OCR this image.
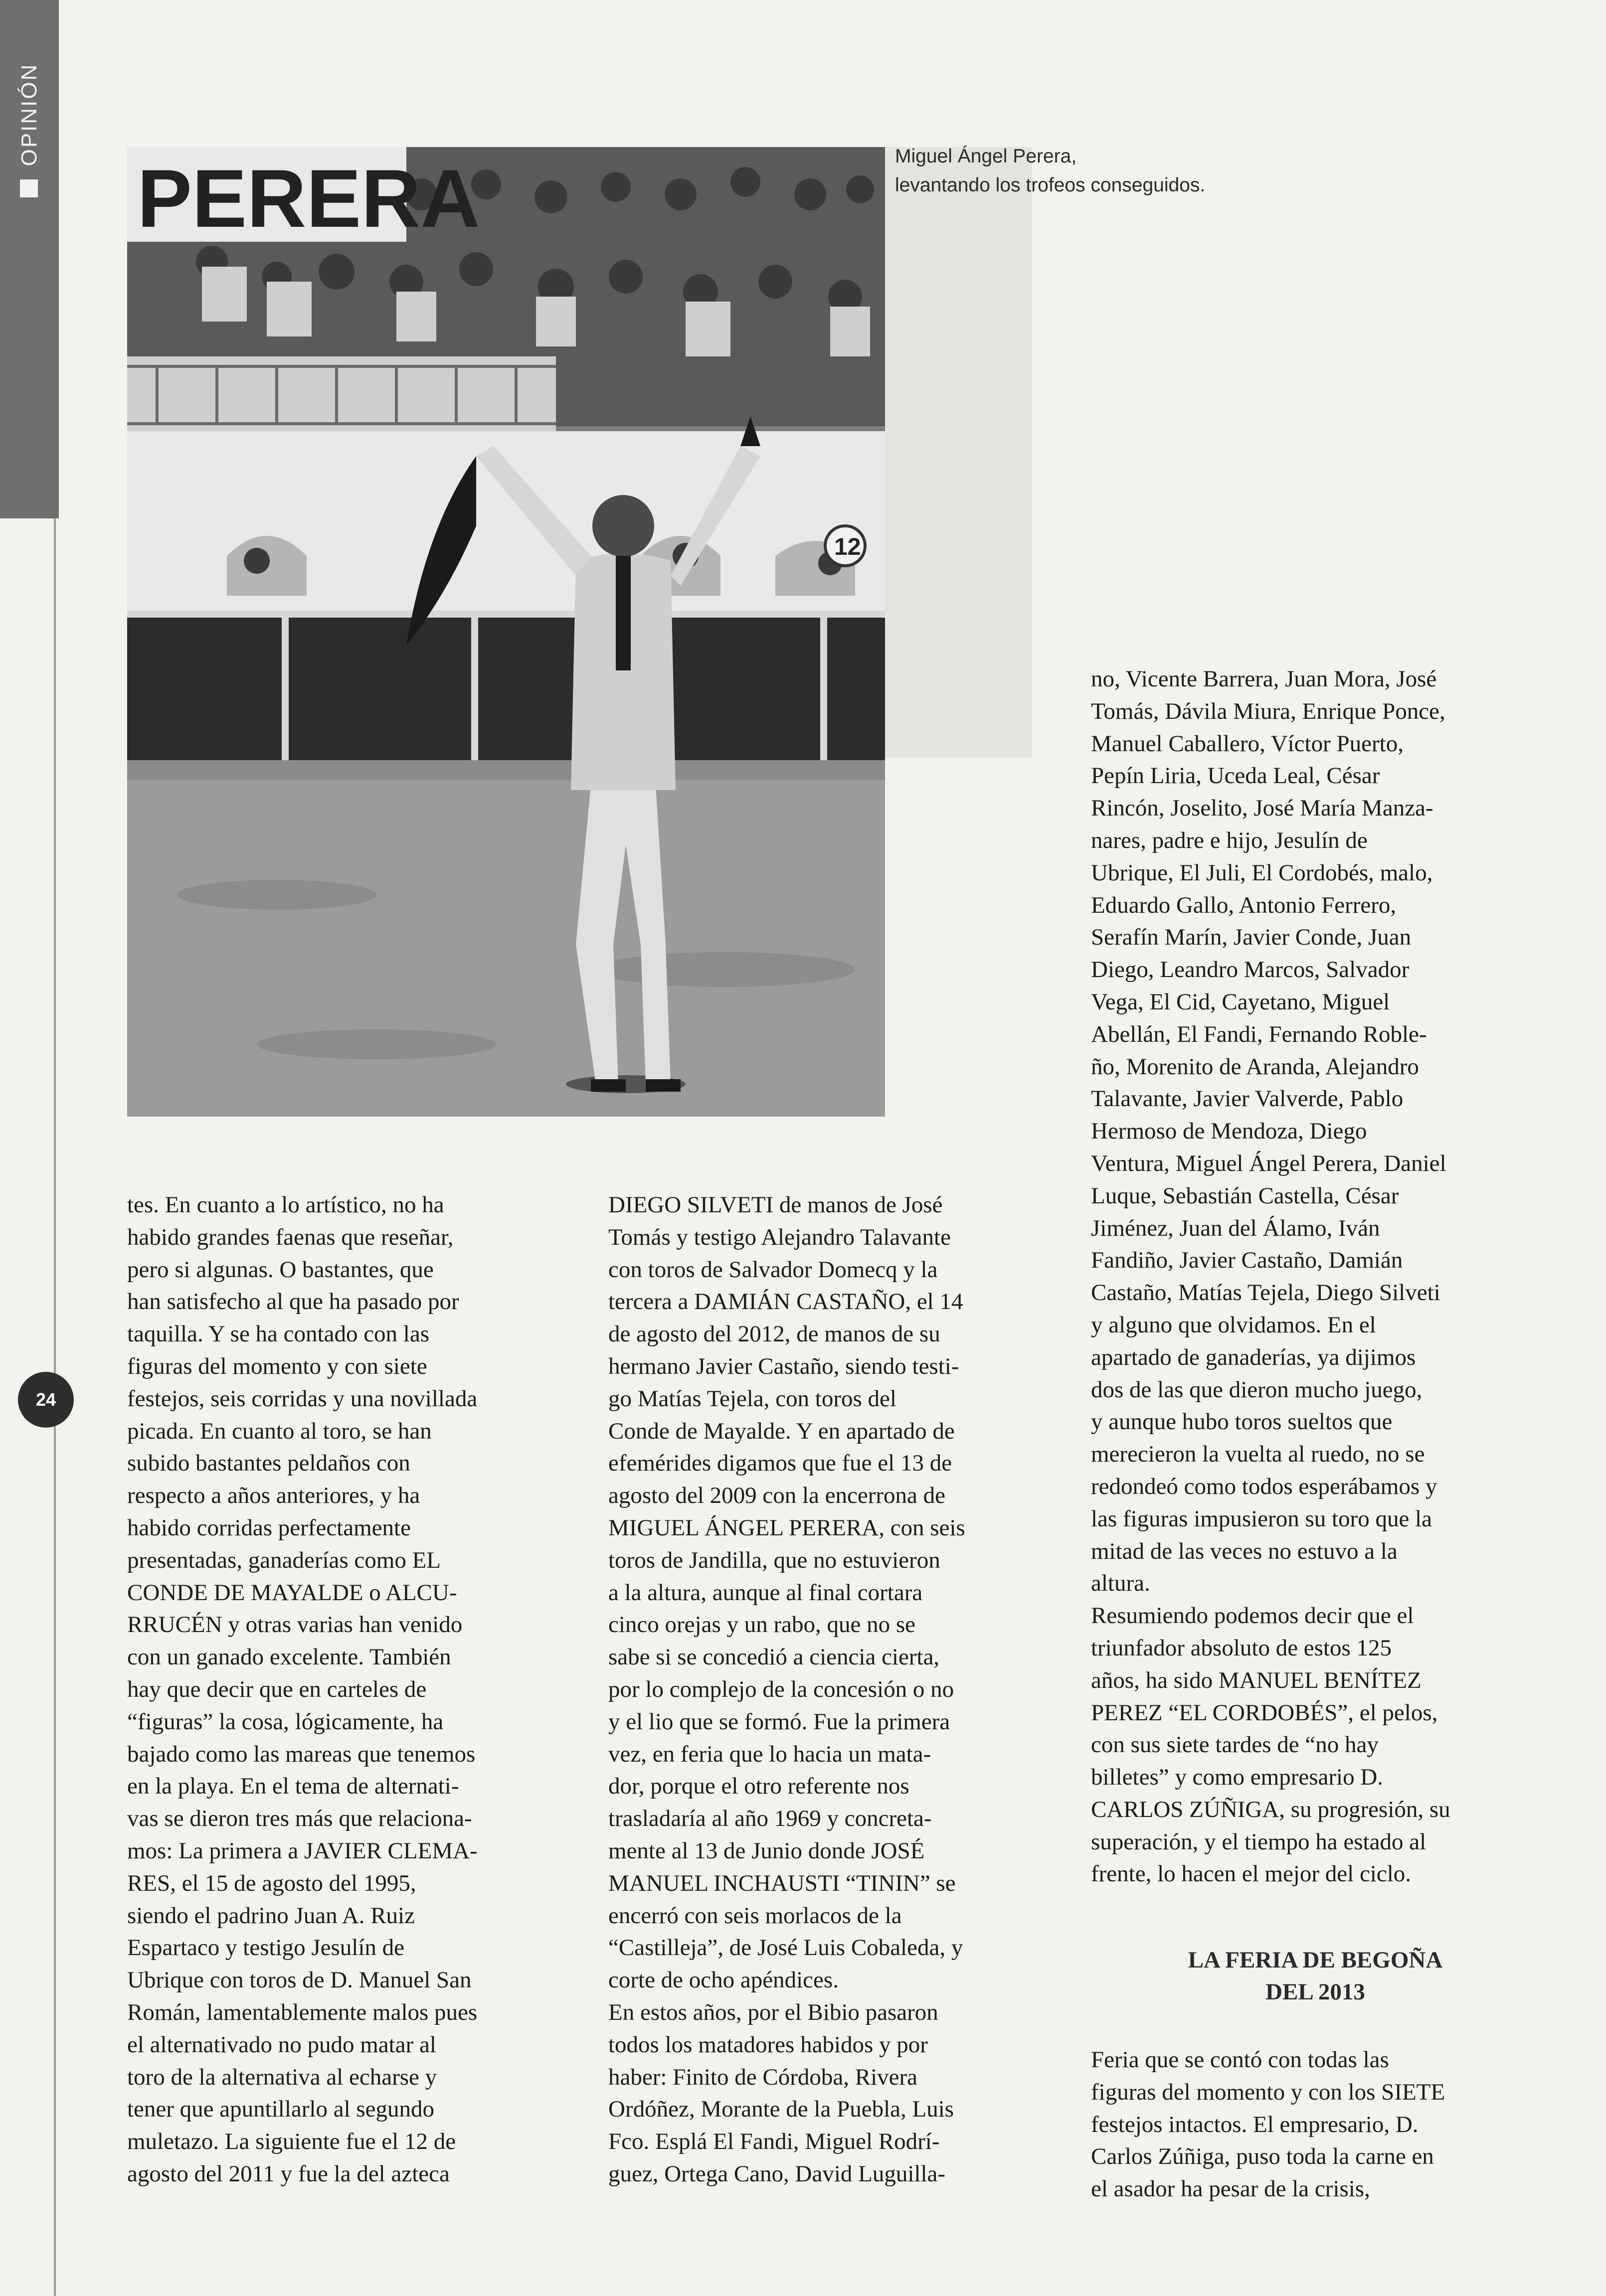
OPINIÓN
24
PERERA
12
Miguel Ángel Perera,
levantando los trofeos conseguidos.
tes. En cuanto a lo artístico, no ha
habido grandes faenas que reseñar,
pero si algunas. O bastantes, que
han satisfecho al que ha pasado por
taquilla. Y se ha contado con las
figuras del momento y con siete
festejos, seis corridas y una novillada
picada. En cuanto al toro, se han
subido bastantes peldaños con
respecto a años anteriores, y ha
habido corridas perfectamente
presentadas, ganaderías como EL
CONDE DE MAYALDE o ALCU-
RRUCÉN y otras varias han venido
con un ganado excelente. También
hay que decir que en carteles de
“figuras” la cosa, lógicamente, ha
bajado como las mareas que tenemos
en la playa. En el tema de alternati-
vas se dieron tres más que relaciona-
mos: La primera a JAVIER CLEMA-
RES, el 15 de agosto del 1995,
siendo el padrino Juan A. Ruiz
Espartaco y testigo Jesulín de
Ubrique con toros de D. Manuel San
Román, lamentablemente malos pues
el alternativado no pudo matar al
toro de la alternativa al echarse y
tener que apuntillarlo al segundo
muletazo. La siguiente fue el 12 de
agosto del 2011 y fue la del azteca
DIEGO SILVETI de manos de José
Tomás y testigo Alejandro Talavante
con toros de Salvador Domecq y la
tercera a DAMIÁN CASTAÑO, el 14
de agosto del 2012, de manos de su
hermano Javier Castaño, siendo testi-
go Matías Tejela, con toros del
Conde de Mayalde. Y en apartado de
efemérides digamos que fue el 13 de
agosto del 2009 con la encerrona de
MIGUEL ÁNGEL PERERA, con seis
toros de Jandilla, que no estuvieron
a la altura, aunque al final cortara
cinco orejas y un rabo, que no se
sabe si se concedió a ciencia cierta,
por lo complejo de la concesión o no
y el lio que se formó. Fue la primera
vez, en feria que lo hacia un mata-
dor, porque el otro referente nos
trasladaría al año 1969 y concreta-
mente al 13 de Junio donde JOSÉ
MANUEL INCHAUSTI “TININ” se
encerró con seis morlacos de la
“Castilleja”, de José Luis Cobaleda, y
corte de ocho apéndices.
En estos años, por el Bibio pasaron
todos los matadores habidos y por
haber: Finito de Córdoba, Rivera
Ordóñez, Morante de la Puebla, Luis
Fco. Esplá El Fandi, Miguel Rodrí-
guez, Ortega Cano, David Luguilla-
no, Vicente Barrera, Juan Mora, José
Tomás, Dávila Miura, Enrique Ponce,
Manuel Caballero, Víctor Puerto,
Pepín Liria, Uceda Leal, César
Rincón, Joselito, José María Manza-
nares, padre e hijo, Jesulín de
Ubrique, El Juli, El Cordobés, malo,
Eduardo Gallo, Antonio Ferrero,
Serafín Marín, Javier Conde, Juan
Diego, Leandro Marcos, Salvador
Vega, El Cid, Cayetano, Miguel
Abellán, El Fandi, Fernando Roble-
ño, Morenito de Aranda, Alejandro
Talavante, Javier Valverde, Pablo
Hermoso de Mendoza, Diego
Ventura, Miguel Ángel Perera, Daniel
Luque, Sebastián Castella, César
Jiménez, Juan del Álamo, Iván
Fandiño, Javier Castaño, Damián
Castaño, Matías Tejela, Diego Silveti
y alguno que olvidamos. En el
apartado de ganaderías, ya dijimos
dos de las que dieron mucho juego,
y aunque hubo toros sueltos que
merecieron la vuelta al ruedo, no se
redondeó como todos esperábamos y
las figuras impusieron su toro que la
mitad de las veces no estuvo a la
altura.
Resumiendo podemos decir que el
triunfador absoluto de estos 125
años, ha sido MANUEL BENÍTEZ
PEREZ “EL CORDOBÉS”, el pelos,
con sus siete tardes de “no hay
billetes” y como empresario D.
CARLOS ZÚÑIGA, su progresión, su
superación, y el tiempo ha estado al
frente, lo hacen el mejor del ciclo.
LA FERIA DE BEGOÑA
DEL 2013
Feria que se contó con todas las
figuras del momento y con los SIETE
festejos intactos. El empresario, D.
Carlos Zúñiga, puso toda la carne en
el asador ha pesar de la crisis,
